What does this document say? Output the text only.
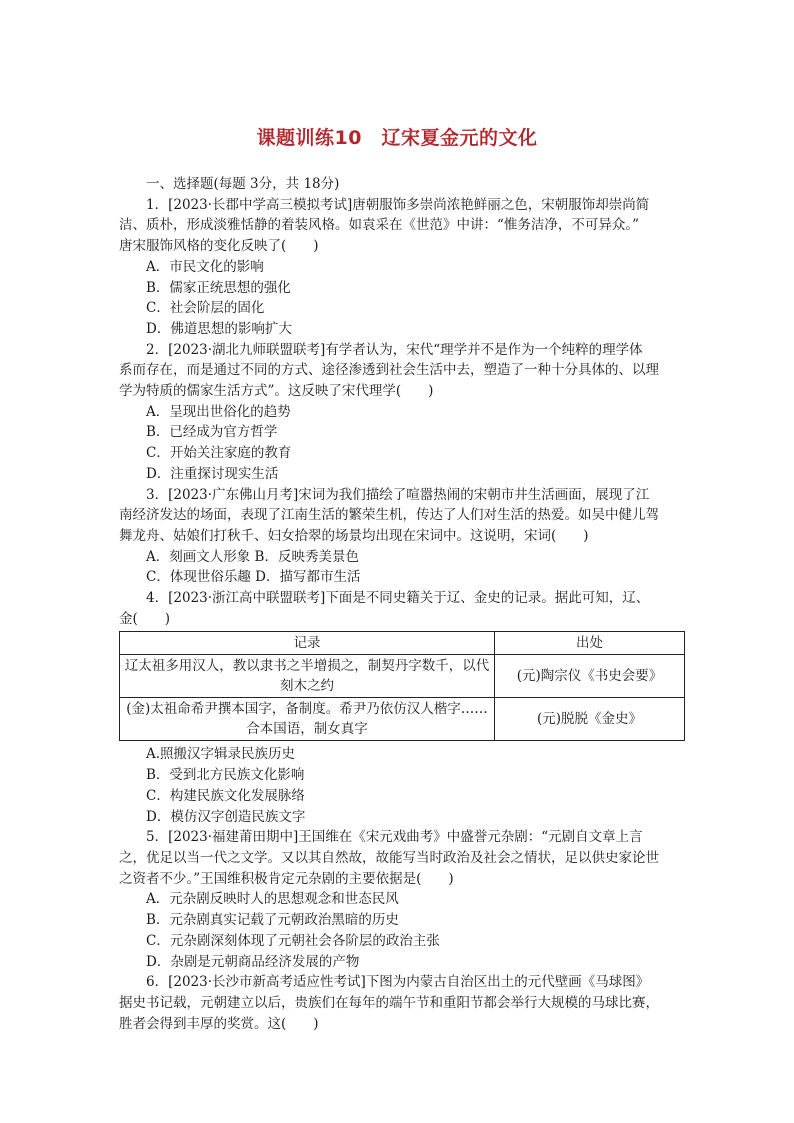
课题训练10　辽宋夏金元的文化
一、选择题(每题 3分，共 18分)
1．[2023·长郡中学高三模拟考试]唐朝服饰多崇尚浓艳鲜丽之色，宋朝服饰却崇尚简
洁、质朴，形成淡雅恬静的着装风格。如袁采在《世范》中讲：“惟务洁净，不可异众。”
唐宋服饰风格的变化反映了(　　)
A．市民文化的影响
B．儒家正统思想的强化
C．社会阶层的固化
D．佛道思想的影响扩大
2．[2023·湖北九师联盟联考]有学者认为，宋代“理学并不是作为一个纯粹的理学体
系而存在，而是通过不同的方式、途径渗透到社会生活中去，塑造了一种十分具体的、以理
学为特质的儒家生活方式”。这反映了宋代理学(　　)
A．呈现出世俗化的趋势
B．已经成为官方哲学
C．开始关注家庭的教育
D．注重探讨现实生活
3．[2023·广东佛山月考]宋词为我们描绘了喧嚣热闹的宋朝市井生活画面，展现了江
南经济发达的场面，表现了江南生活的繁荣生机，传达了人们对生活的热爱。如吴中健儿驾
舞龙舟、姑娘们打秋千、妇女拾翠的场景均出现在宋词中。这说明，宋词(　　)
A．刻画文人形象 B．反映秀美景色
C．体现世俗乐趣 D．描写都市生活
4．[2023·浙江高中联盟联考]下面是不同史籍关于辽、金史的记录。据此可知，辽、
金(　　)
记录	出处
辽太祖多用汉人，教以隶书之半增损之，制契丹字数千，以代刻木之约	(元)陶宗仪《书史会要》
(金)太祖命希尹撰本国字，备制度。希尹乃依仿汉人楷字……合本国语，制女真字	(元)脱脱《金史》
A.照搬汉字辑录民族历史
B．受到北方民族文化影响
C．构建民族文化发展脉络
D．模仿汉字创造民族文字
5．[2023·福建莆田期中]王国维在《宋元戏曲考》中盛誉元杂剧：“元剧自文章上言
之，优足以当一代之文学。又以其自然故，故能写当时政治及社会之情状，足以供史家论世
之资者不少。”王国维积极肯定元杂剧的主要依据是(　　)
A．元杂剧反映时人的思想观念和世态民风
B．元杂剧真实记载了元朝政治黑暗的历史
C．元杂剧深刻体现了元朝社会各阶层的政治主张
D．杂剧是元朝商品经济发展的产物
6．[2023·长沙市新高考适应性考试]下图为内蒙古自治区出土的元代壁画《马球图》
据史书记载，元朝建立以后，贵族们在每年的端午节和重阳节都会举行大规模的马球比赛，
胜者会得到丰厚的奖赏。这(　　)
